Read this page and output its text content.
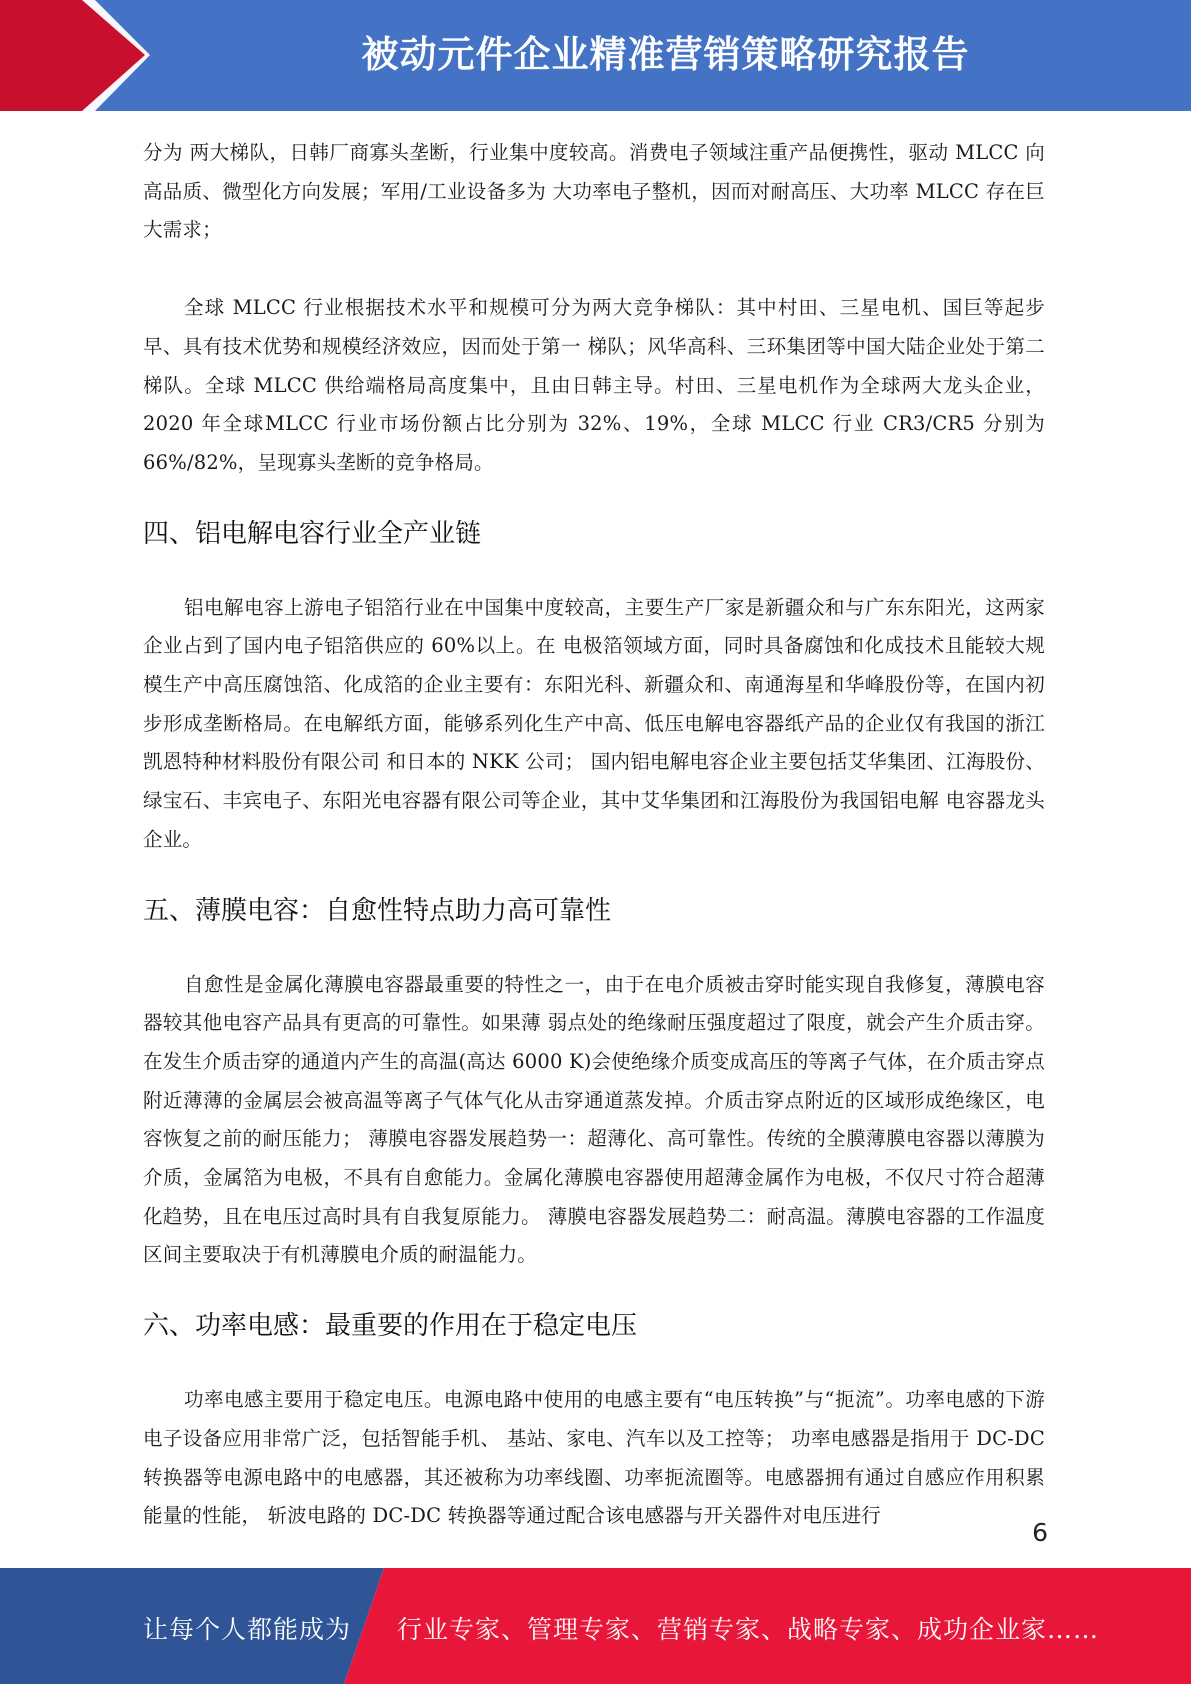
被动元件企业精准营销策略研究报告

分为 两大梯队，日韩厂商寡头垄断，行业集中度较高。消费电子领域注重产品便携性，驱动 MLCC 向高品质、微型化方向发展；军用/工业设备多为 大功率电子整机，因而对耐高压、大功率 MLCC 存在巨大需求；

全球 MLCC 行业根据技术水平和规模可分为两大竞争梯队：其中村田、三星电机、国巨等起步早、具有技术优势和规模经济效应，因而处于第一 梯队；风华高科、三环集团等中国大陆企业处于第二梯队。全球 MLCC 供给端格局高度集中，且由日韩主导。村田、三星电机作为全球两大龙头企业，2020 年全球MLCC 行业市场份额占比分别为 32%、19%，全球 MLCC 行业 CR3/CR5 分别为 66%/82%，呈现寡头垄断的竞争格局。

四、铝电解电容行业全产业链

铝电解电容上游电子铝箔行业在中国集中度较高，主要生产厂家是新疆众和与广东东阳光，这两家企业占到了国内电子铝箔供应的 60%以上。在 电极箔领域方面，同时具备腐蚀和化成技术且能较大规模生产中高压腐蚀箔、化成箔的企业主要有：东阳光科、新疆众和、南通海星和华峰股份等，在国内初步形成垄断格局。在电解纸方面，能够系列化生产中高、低压电解电容器纸产品的企业仅有我国的浙江凯恩特种材料股份有限公司 和日本的 NKK 公司； 国内铝电解电容企业主要包括艾华集团、江海股份、绿宝石、丰宾电子、东阳光电容器有限公司等企业，其中艾华集团和江海股份为我国铝电解 电容器龙头企业。

五、薄膜电容：自愈性特点助力高可靠性

自愈性是金属化薄膜电容器最重要的特性之一，由于在电介质被击穿时能实现自我修复，薄膜电容器较其他电容产品具有更高的可靠性。如果薄 弱点处的绝缘耐压强度超过了限度，就会产生介质击穿。在发生介质击穿的通道内产生的高温(高达 6000 K)会使绝缘介质变成高压的等离子气体，在介质击穿点附近薄薄的金属层会被高温等离子气体气化从击穿通道蒸发掉。介质击穿点附近的区域形成绝缘区，电容恢复之前的耐压能力； 薄膜电容器发展趋势一：超薄化、高可靠性。传统的全膜薄膜电容器以薄膜为介质，金属箔为电极，不具有自愈能力。金属化薄膜电容器使用超薄金属作为电极，不仅尺寸符合超薄化趋势，且在电压过高时具有自我复原能力。 薄膜电容器发展趋势二：耐高温。薄膜电容器的工作温度区间主要取决于有机薄膜电介质的耐温能力。

六、功率电感：最重要的作用在于稳定电压

功率电感主要用于稳定电压。电源电路中使用的电感主要有“电压转换”与“扼流”。功率电感的下游电子设备应用非常广泛，包括智能手机、 基站、家电、汽车以及工控等； 功率电感器是指用于 DC-DC 转换器等电源电路中的电感器，其还被称为功率线圈、功率扼流圈等。电感器拥有通过自感应作用积累能量的性能， 斩波电路的 DC-DC 转换器等通过配合该电感器与开关器件对电压进行

6
让每个人都能成为 行业专家、管理专家、营销专家、战略专家、成功企业家……
